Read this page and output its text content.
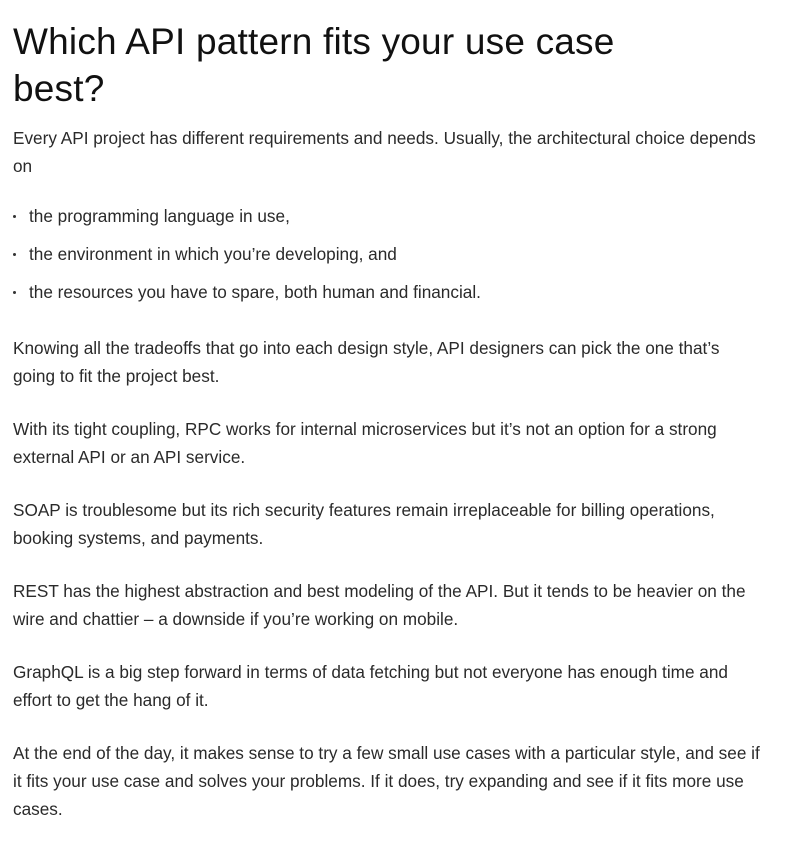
Which API pattern fits your use case best?

Every API project has different requirements and needs. Usually, the architectural choice depends on

the programming language in use,
the environment in which you’re developing, and
the resources you have to spare, both human and financial.

Knowing all the tradeoffs that go into each design style, API designers can pick the one that’s going to fit the project best.

With its tight coupling, RPC works for internal microservices but it’s not an option for a strong external API or an API service.

SOAP is troublesome but its rich security features remain irreplaceable for billing operations, booking systems, and payments.

REST has the highest abstraction and best modeling of the API. But it tends to be heavier on the wire and chattier – a downside if you’re working on mobile.

GraphQL is a big step forward in terms of data fetching but not everyone has enough time and effort to get the hang of it.

At the end of the day, it makes sense to try a few small use cases with a particular style, and see if it fits your use case and solves your problems. If it does, try expanding and see if it fits more use cases.
